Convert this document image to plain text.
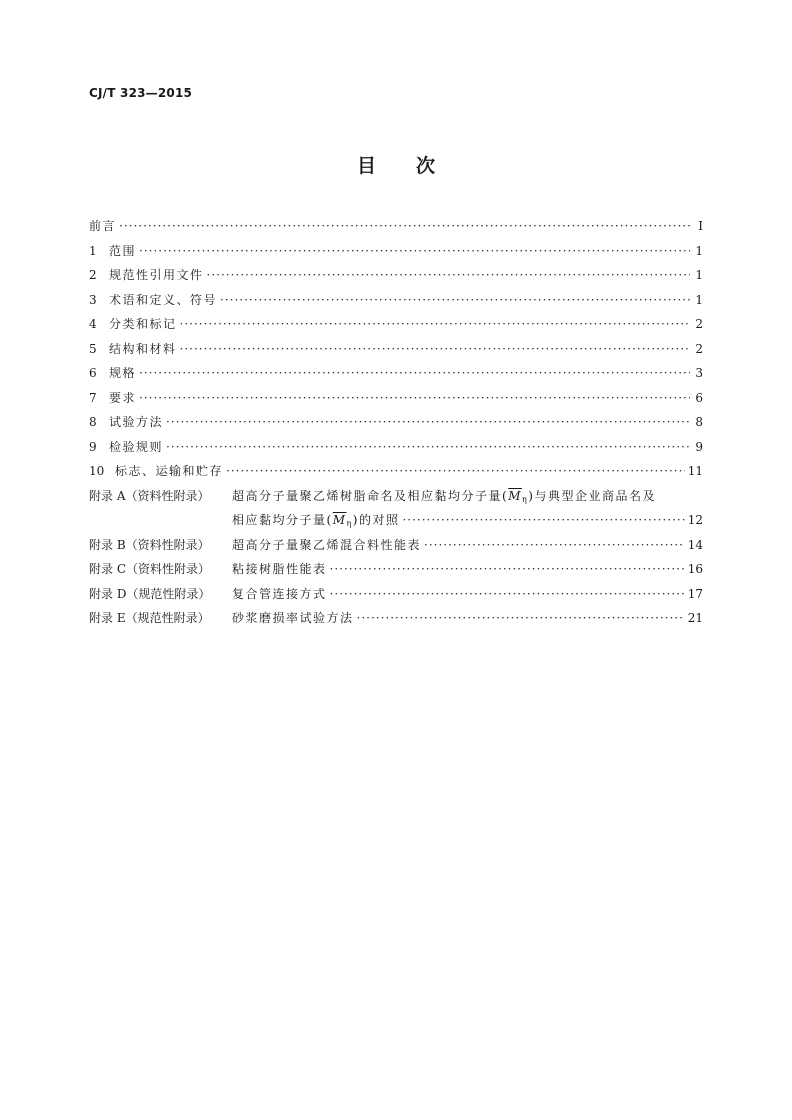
CJ/T 323—2015
目 次
前言 ·····	Ⅰ
1	范围 ·····	1
2	规范性引用文件 ·····	1
3	术语和定义、符号 ·····	1
4	分类和标记 ·····	2
5	结构和材料 ·····	2
6	规格 ·····	3
7	要求 ·····	6
8	试验方法 ·····	8
9	检验规则 ·····	9
10 标志、运输和贮存 ·····	11
附录 A（资料性附录）	超高分子量聚乙烯树脂命名及相应黏均分子量$(\overline{M}_\eta)$与典型企业商品名及
相应黏均分子量$(\overline{M}_\eta)$的对照 ·····	12
附录 B（资料性附录）	超高分子量聚乙烯混合料性能表 ·····	14
附录 C（资料性附录）	粘接树脂性能表 ·····	16
附录 D（规范性附录）	复合管连接方式 ·····	17
附录 E（规范性附录）	砂浆磨损率试验方法 ·····	21
